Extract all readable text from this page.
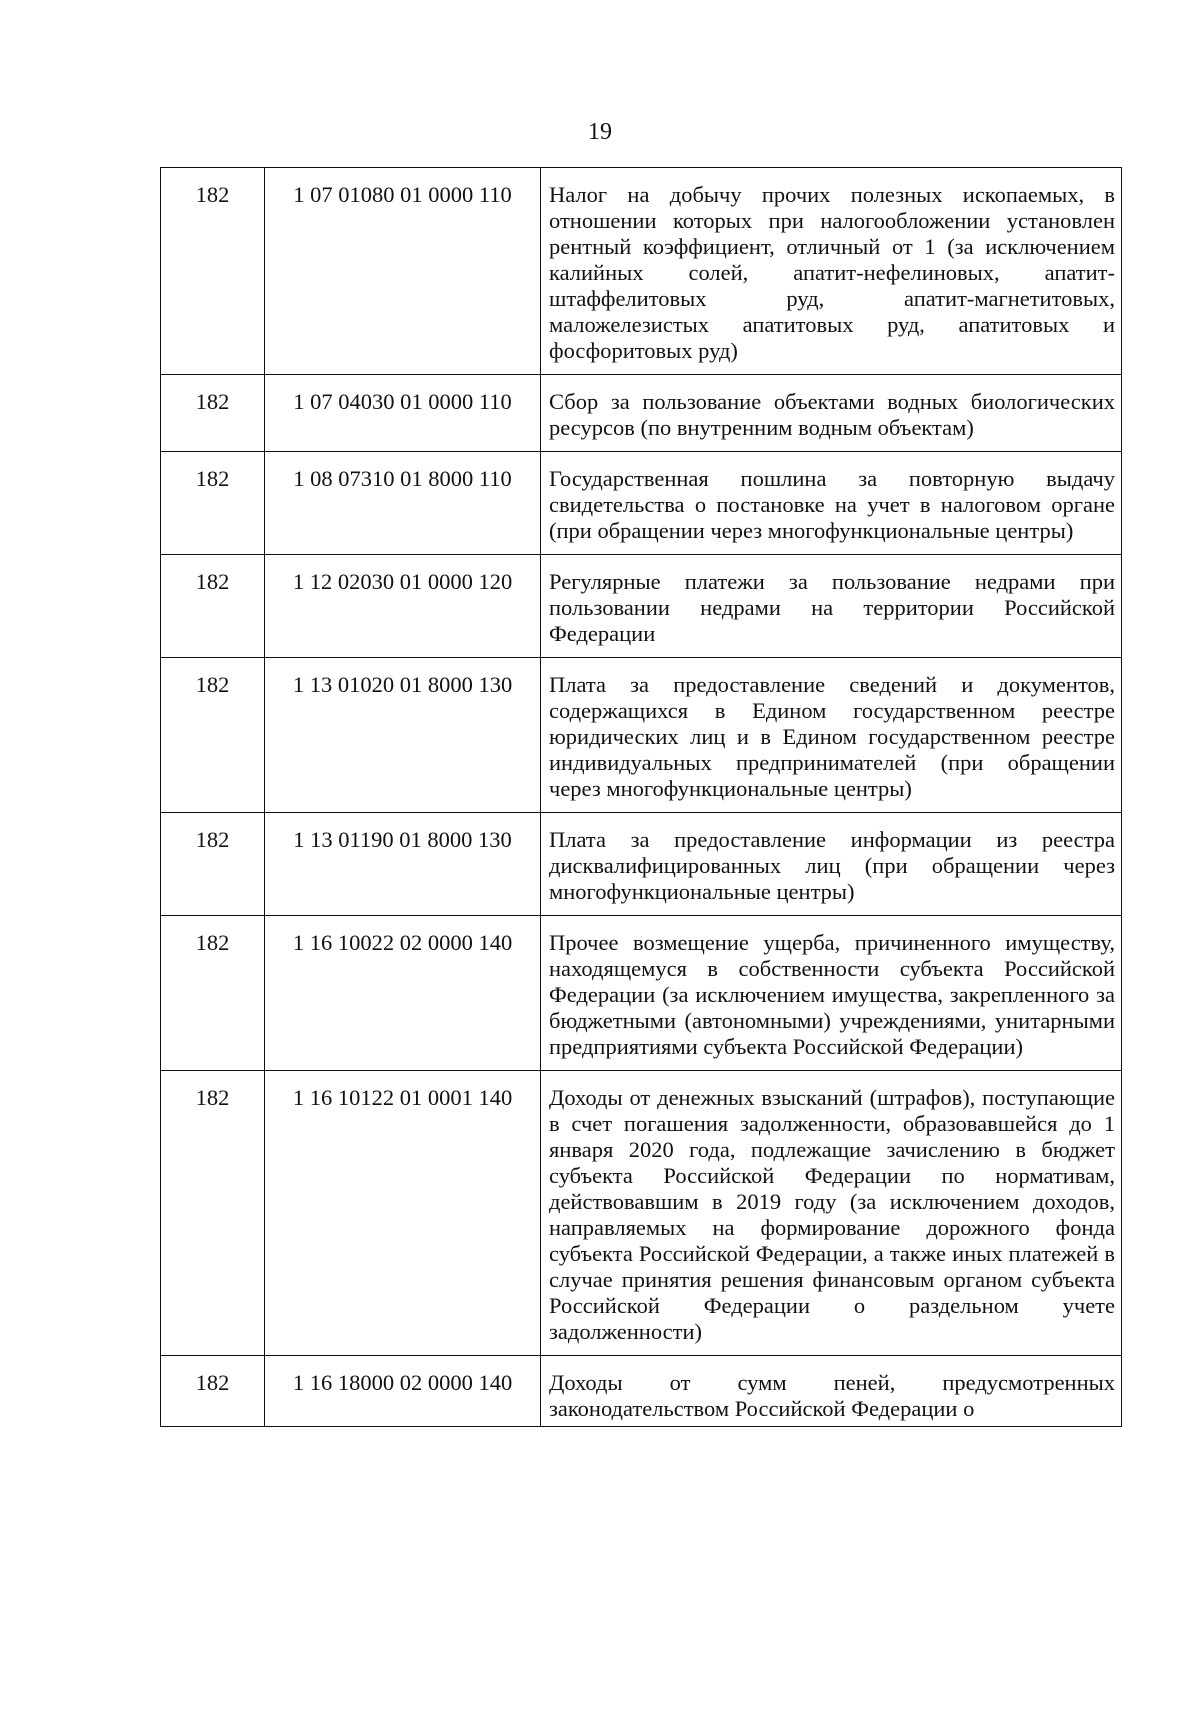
19
182	1 07 01080 01 0000 110	Налог на добычу прочих полезных ископаемых, в отношении которых при налогообложении установлен рентный коэффициент, отличный от 1 (за исключением калийных солей, апатит-нефелиновых, апатит-штаффелитовых руд, апатит-магнетитовых, маложелезистых апатитовых руд, апатитовых и фосфоритовых руд)
182	1 07 04030 01 0000 110	Сбор за пользование объектами водных биологических ресурсов (по внутренним водным объектам)
182	1 08 07310 01 8000 110	Государственная пошлина за повторную выдачу свидетельства о постановке на учет в налоговом органе (при обращении через многофункциональные центры)
182	1 12 02030 01 0000 120	Регулярные платежи за пользование недрами при пользовании недрами на территории Российской Федерации
182	1 13 01020 01 8000 130	Плата за предоставление сведений и документов, содержащихся в Едином государственном реестре юридических лиц и в Едином государственном реестре индивидуальных предпринимателей (при обращении через многофункциональные центры)
182	1 13 01190 01 8000 130	Плата за предоставление информации из реестра дисквалифицированных лиц (при обращении через многофункциональные центры)
182	1 16 10022 02 0000 140	Прочее возмещение ущерба, причиненного имуществу, находящемуся в собственности субъекта Российской Федерации (за исключением имущества, закрепленного за бюджетными (автономными) учреждениями, унитарными предприятиями субъекта Российской Федерации)
182	1 16 10122 01 0001 140	Доходы от денежных взысканий (штрафов), поступающие в счет погашения задолженности, образовавшейся до 1 января 2020 года, подлежащие зачислению в бюджет субъекта Российской Федерации по нормативам, действовавшим в 2019 году (за исключением доходов, направляемых на формирование дорожного фонда субъекта Российской Федерации, а также иных платежей в случае принятия решения финансовым органом субъекта Российской Федерации о раздельном учете задолженности)
182	1 16 18000 02 0000 140	Доходы от сумм пеней, предусмотренных законодательством Российской Федерации о
